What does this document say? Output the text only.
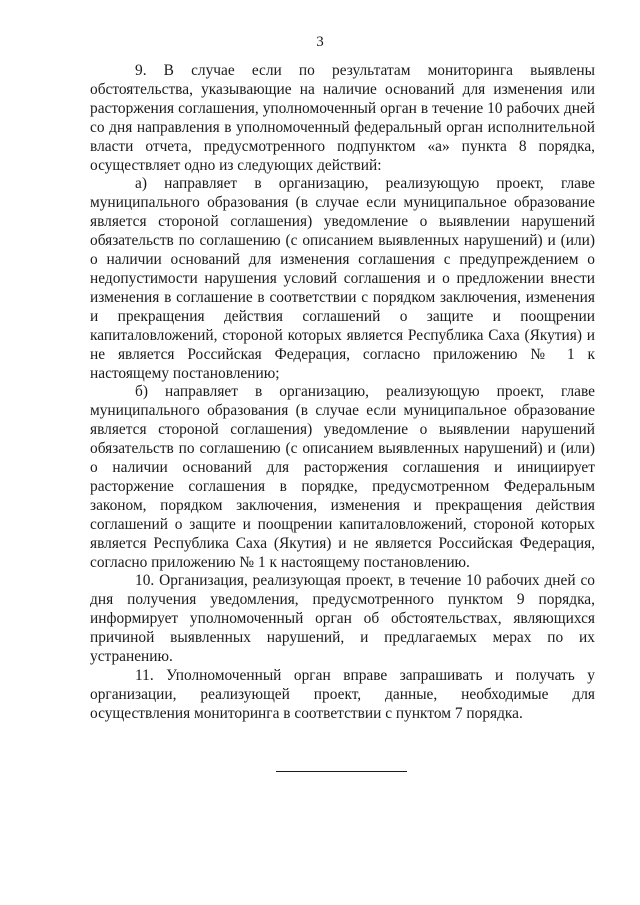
3

9. В случае если по результатам мониторинга выявлены обстоятельства, указывающие на наличие оснований для изменения или расторжения соглашения, уполномоченный орган в течение 10 рабочих дней со дня направления в уполномоченный федеральный орган исполнительной власти отчета, предусмотренного подпунктом «а» пункта 8 порядка, осуществляет одно из следующих действий:

а) направляет в организацию, реализующую проект, главе муниципального образования (в случае если муниципальное образование является стороной соглашения) уведомление о выявлении нарушений обязательств по соглашению (с описанием выявленных нарушений) и (или) о наличии оснований для изменения соглашения с предупреждением о недопустимости нарушения условий соглашения и о предложении внести изменения в соглашение в соответствии с порядком заключения, изменения и прекращения действия соглашений о защите и поощрении капиталовложений, стороной которых является Республика Саха (Якутия) и не является Российская Федерация, согласно приложению № 1 к настоящему постановлению;

б) направляет в организацию, реализующую проект, главе муниципального образования (в случае если муниципальное образование является стороной соглашения) уведомление о выявлении нарушений обязательств по соглашению (с описанием выявленных нарушений) и (или) о наличии оснований для расторжения соглашения и инициирует расторжение соглашения в порядке, предусмотренном Федеральным законом, порядком заключения, изменения и прекращения действия соглашений о защите и поощрении капиталовложений, стороной которых является Республика Саха (Якутия) и не является Российская Федерация, согласно приложению № 1 к настоящему постановлению.

10. Организация, реализующая проект, в течение 10 рабочих дней со дня получения уведомления, предусмотренного пунктом 9 порядка, информирует уполномоченный орган об обстоятельствах, являющихся причиной выявленных нарушений, и предлагаемых мерах по их устранению.

11. Уполномоченный орган вправе запрашивать и получать у организации, реализующей проект, данные, необходимые для осуществления мониторинга в соответствии с пунктом 7 порядка.
